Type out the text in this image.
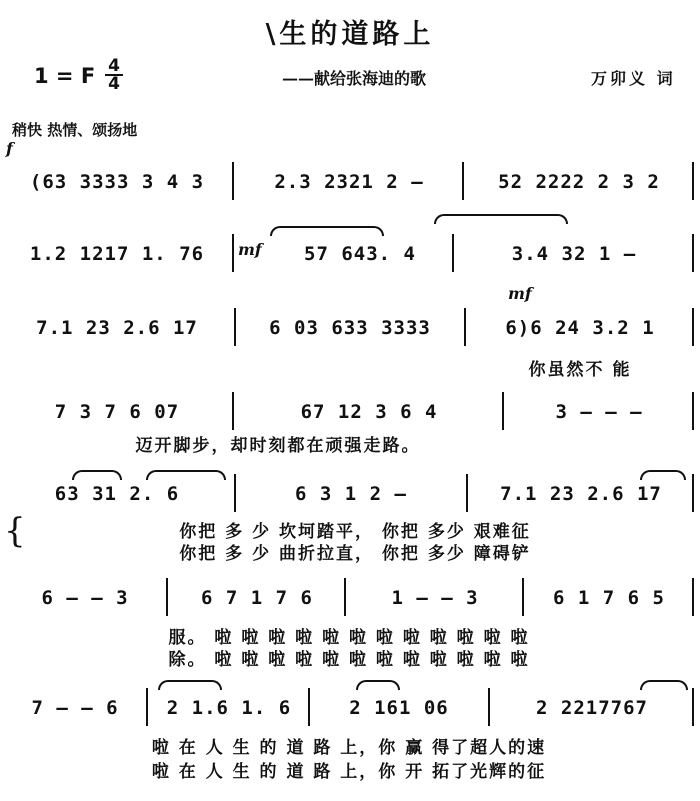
\生的道路上
1 = F 4
4	——献给张海迪的歌	万卯义 词
稍快 热情、颂扬地
f
(63 3333 3 4 3	2.3 2321 2 —	52 2222 2 3 2
mf
1.2 1217 1. 76	57 643. 4	3.4 32 1 —
mf
7.1 23 2.6 17	6 03 633 3333	6)6 24 3.2 1
你虽然不 能
7 3 7 6 07	67 12 3 6 4	3 — — —
迈开脚步，却时刻都在顽强走路。
63 31 2. 6	6 3 1 2 —	7.1 23 2.6 17
{	你把 多 少 坎坷踏平， 你把 多少 艰难征
你把 多 少 曲折拉直， 你把 多少 障碍铲
6 — — 3	6 7 1 7 6	1 — — 3	6 1 7 6 5
服。 啦 啦 啦 啦 啦 啦 啦 啦 啦 啦 啦 啦
除。 啦 啦 啦 啦 啦 啦 啦 啦 啦 啦 啦 啦
7 — — 6	2 1.6 1. 6	2 161 06	2 2217767
啦 在 人 生 的 道 路 上，你 赢 得了超人的速
啦 在 人 生 的 道 路 上，你 开 拓了光辉的征
